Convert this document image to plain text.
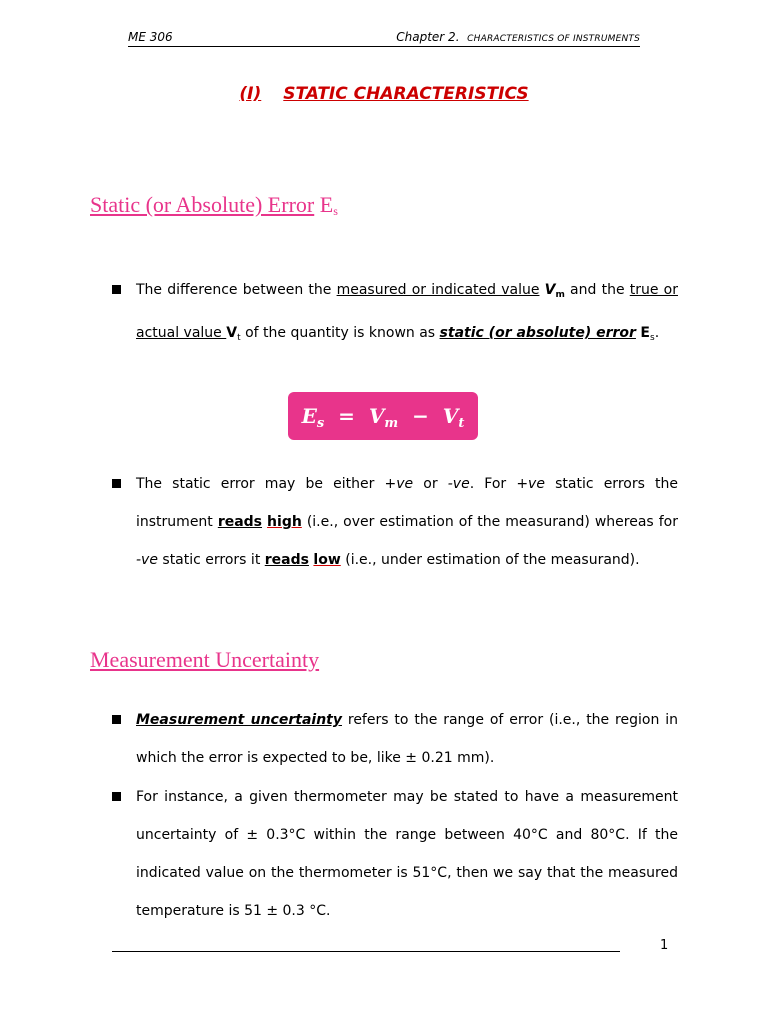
ME 306	Chapter 2. CHARACTERISTICS OF INSTRUMENTS
(I) STATIC CHARACTERISTICS
Static (or Absolute) Error $E_s$
The difference between the measured or indicated value $V_m$ and the true or actual value $V_t$ of the quantity is known as static (or absolute) error $E_s$.
$E_s = V_m - V_t$
The static error may be either +ve or -ve. For +ve static errors the instrument reads high (i.e., over estimation of the measurand) whereas for -ve static errors it reads low (i.e., under estimation of the measurand).
Measurement Uncertainty
Measurement uncertainty refers to the range of error (i.e., the region in which the error is expected to be, like ± 0.21 mm).
For instance, a given thermometer may be stated to have a measurement uncertainty of ± 0.3°C within the range between 40°C and 80°C. If the indicated value on the thermometer is 51°C, then we say that the measured temperature is 51 ± 0.3 °C.
1
